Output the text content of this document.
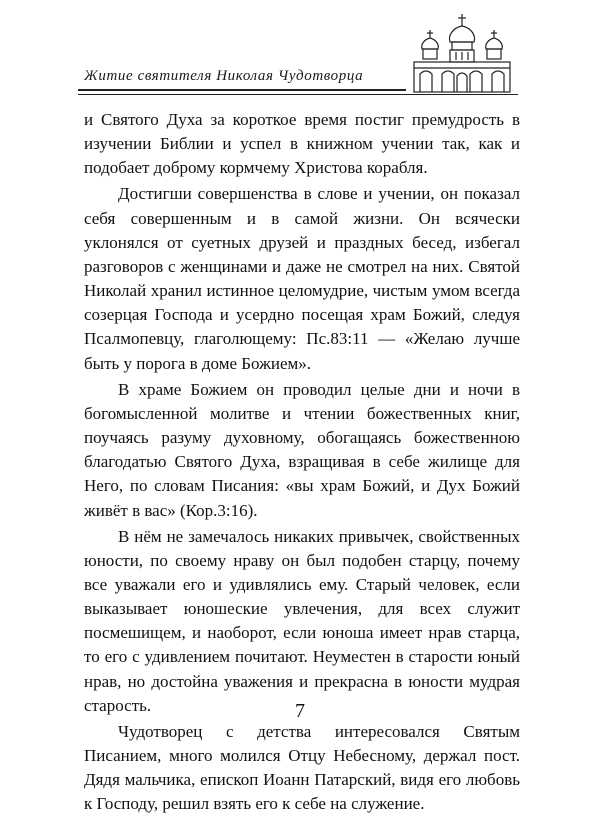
Житие святителя Николая Чудотворца

и Святого Духа за короткое время постиг премудрость в изучении Библии и успел в книжном учении так, как и подобает доброму кормчему Христова корабля.

Достигши совершенства в слове и учении, он показал себя совершенным и в самой жизни. Он всячески уклонялся от суетных друзей и праздных бесед, избегал разговоров с женщинами и даже не смотрел на них. Святой Николай хранил истинное целомудрие, чистым умом всегда созерцая Господа и усердно посещая храм Божий, следуя Псалмопевцу, глаголющему: Пс.83:11 — «Желаю лучше быть у порога в доме Божием».

В храме Божием он проводил целые дни и ночи в богомысленной молитве и чтении божественных книг, поучаясь разуму духовному, обогащаясь божественною благодатью Святого Духа, взращивая в себе жилище для Него, по словам Писания: «вы храм Божий, и Дух Божий живёт в вас» (Кор.3:16).

В нём не замечалось никаких привычек, свойственных юности, по своему нраву он был подобен старцу, почему все уважали его и удивлялись ему. Старый человек, если выказывает юношеские увлечения, для всех служит посмешищем, и наоборот, если юноша имеет нрав старца, то его с удивлением почитают. Неуместен в старости юный нрав, но достойна уважения и прекрасна в юности мудрая старость.

Чудотворец с детства интересовался Святым Писанием, много молился Отцу Небесному, держал пост. Дядя мальчика, епископ Иоанн Патарский, видя его любовь к Господу, решил взять его к себе на служение.

7
